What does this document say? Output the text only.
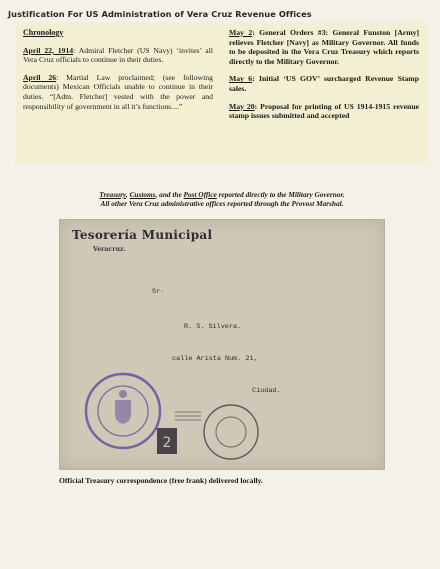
Justification For US Administration of Vera Cruz Revenue Offices
Chronology

April 22, 1914: Admiral Fletcher (US Navy) ‘invites’ all Vera Cruz officials to continue in their duties.

April 26: Martial Law proclaimed; (see following documents) Mexican Officials unable to continue in their duties. “[Adm. Fletcher] vested with the power and responsibility of government in all it’s functions....”

May 2: General Orders #3: General Funston [Army] relieves Fletcher [Navy] as Military Governor. All funds to be deposited in the Vera Cruz Treasury which reports directly to the Military Governor.

May 6: Initial ‘US GOV’ surcharged Revenue Stamp sales.

May 20: Proposal for printing of US 1914-1915 revenue stamp issues submitted and accepted

Treasury, Customs, and the Post Office reported directly to the Military Governor.
All other Vera Cruz administrative offices reported through the Provost Marshal.
Tesorería Municipal
Veracruz.
Sr·
R. S. Silvera.
calle Arista Num. 21,
Ciudad.
2
Official Treasury correspondence (free frank) delivered locally.
